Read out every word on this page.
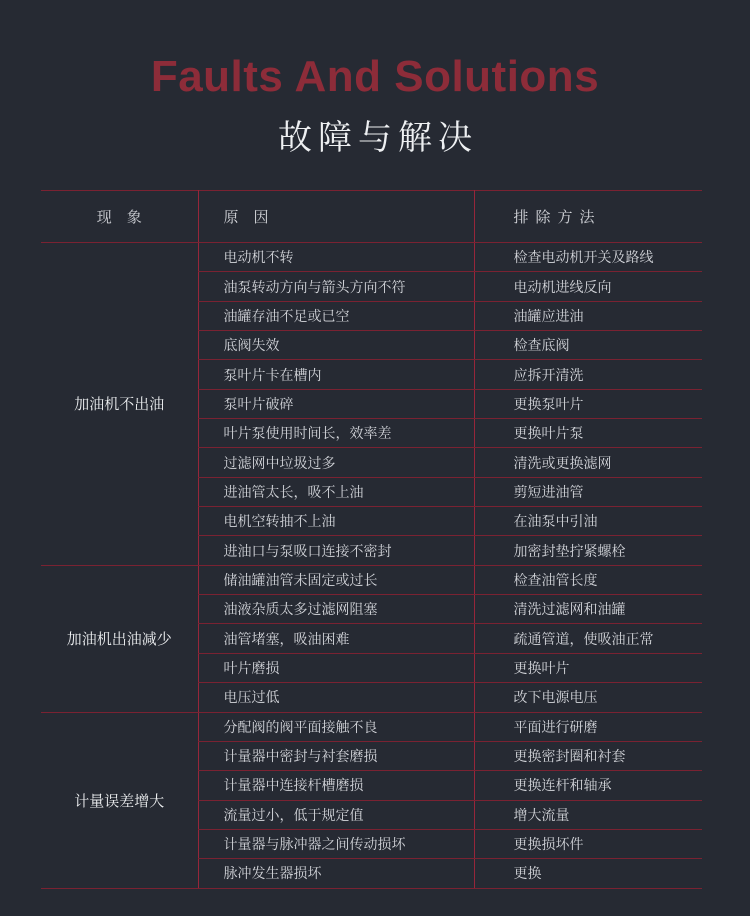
Faults And Solutions
故障与解决
现　象	原　因	排除方法
加油机不出油	电动机不转	检查电动机开关及路线
	油泵转动方向与箭头方向不符	电动机进线反向
	油罐存油不足或已空	油罐应进油
	底阀失效	检查底阀
	泵叶片卡在槽内	应拆开清洗
	泵叶片破碎	更换泵叶片
	叶片泵使用时间长，效率差	更换叶片泵
	过滤网中垃圾过多	清洗或更换滤网
	进油管太长，吸不上油	剪短进油管
	电机空转抽不上油	在油泵中引油
	进油口与泵吸口连接不密封	加密封垫拧紧螺栓
加油机出油减少	储油罐油管未固定或过长	检查油管长度
	油液杂质太多过滤网阻塞	清洗过滤网和油罐
	油管堵塞，吸油困难	疏通管道，使吸油正常
	叶片磨损	更换叶片
	电压过低	改下电源电压
计量误差增大	分配阀的阀平面接触不良	平面进行研磨
	计量器中密封与衬套磨损	更换密封圈和衬套
	计量器中连接杆槽磨损	更换连杆和轴承
	流量过小，低于规定值	增大流量
	计量器与脉冲器之间传动损坏	更换损坏件
	脉冲发生器损坏	更换
